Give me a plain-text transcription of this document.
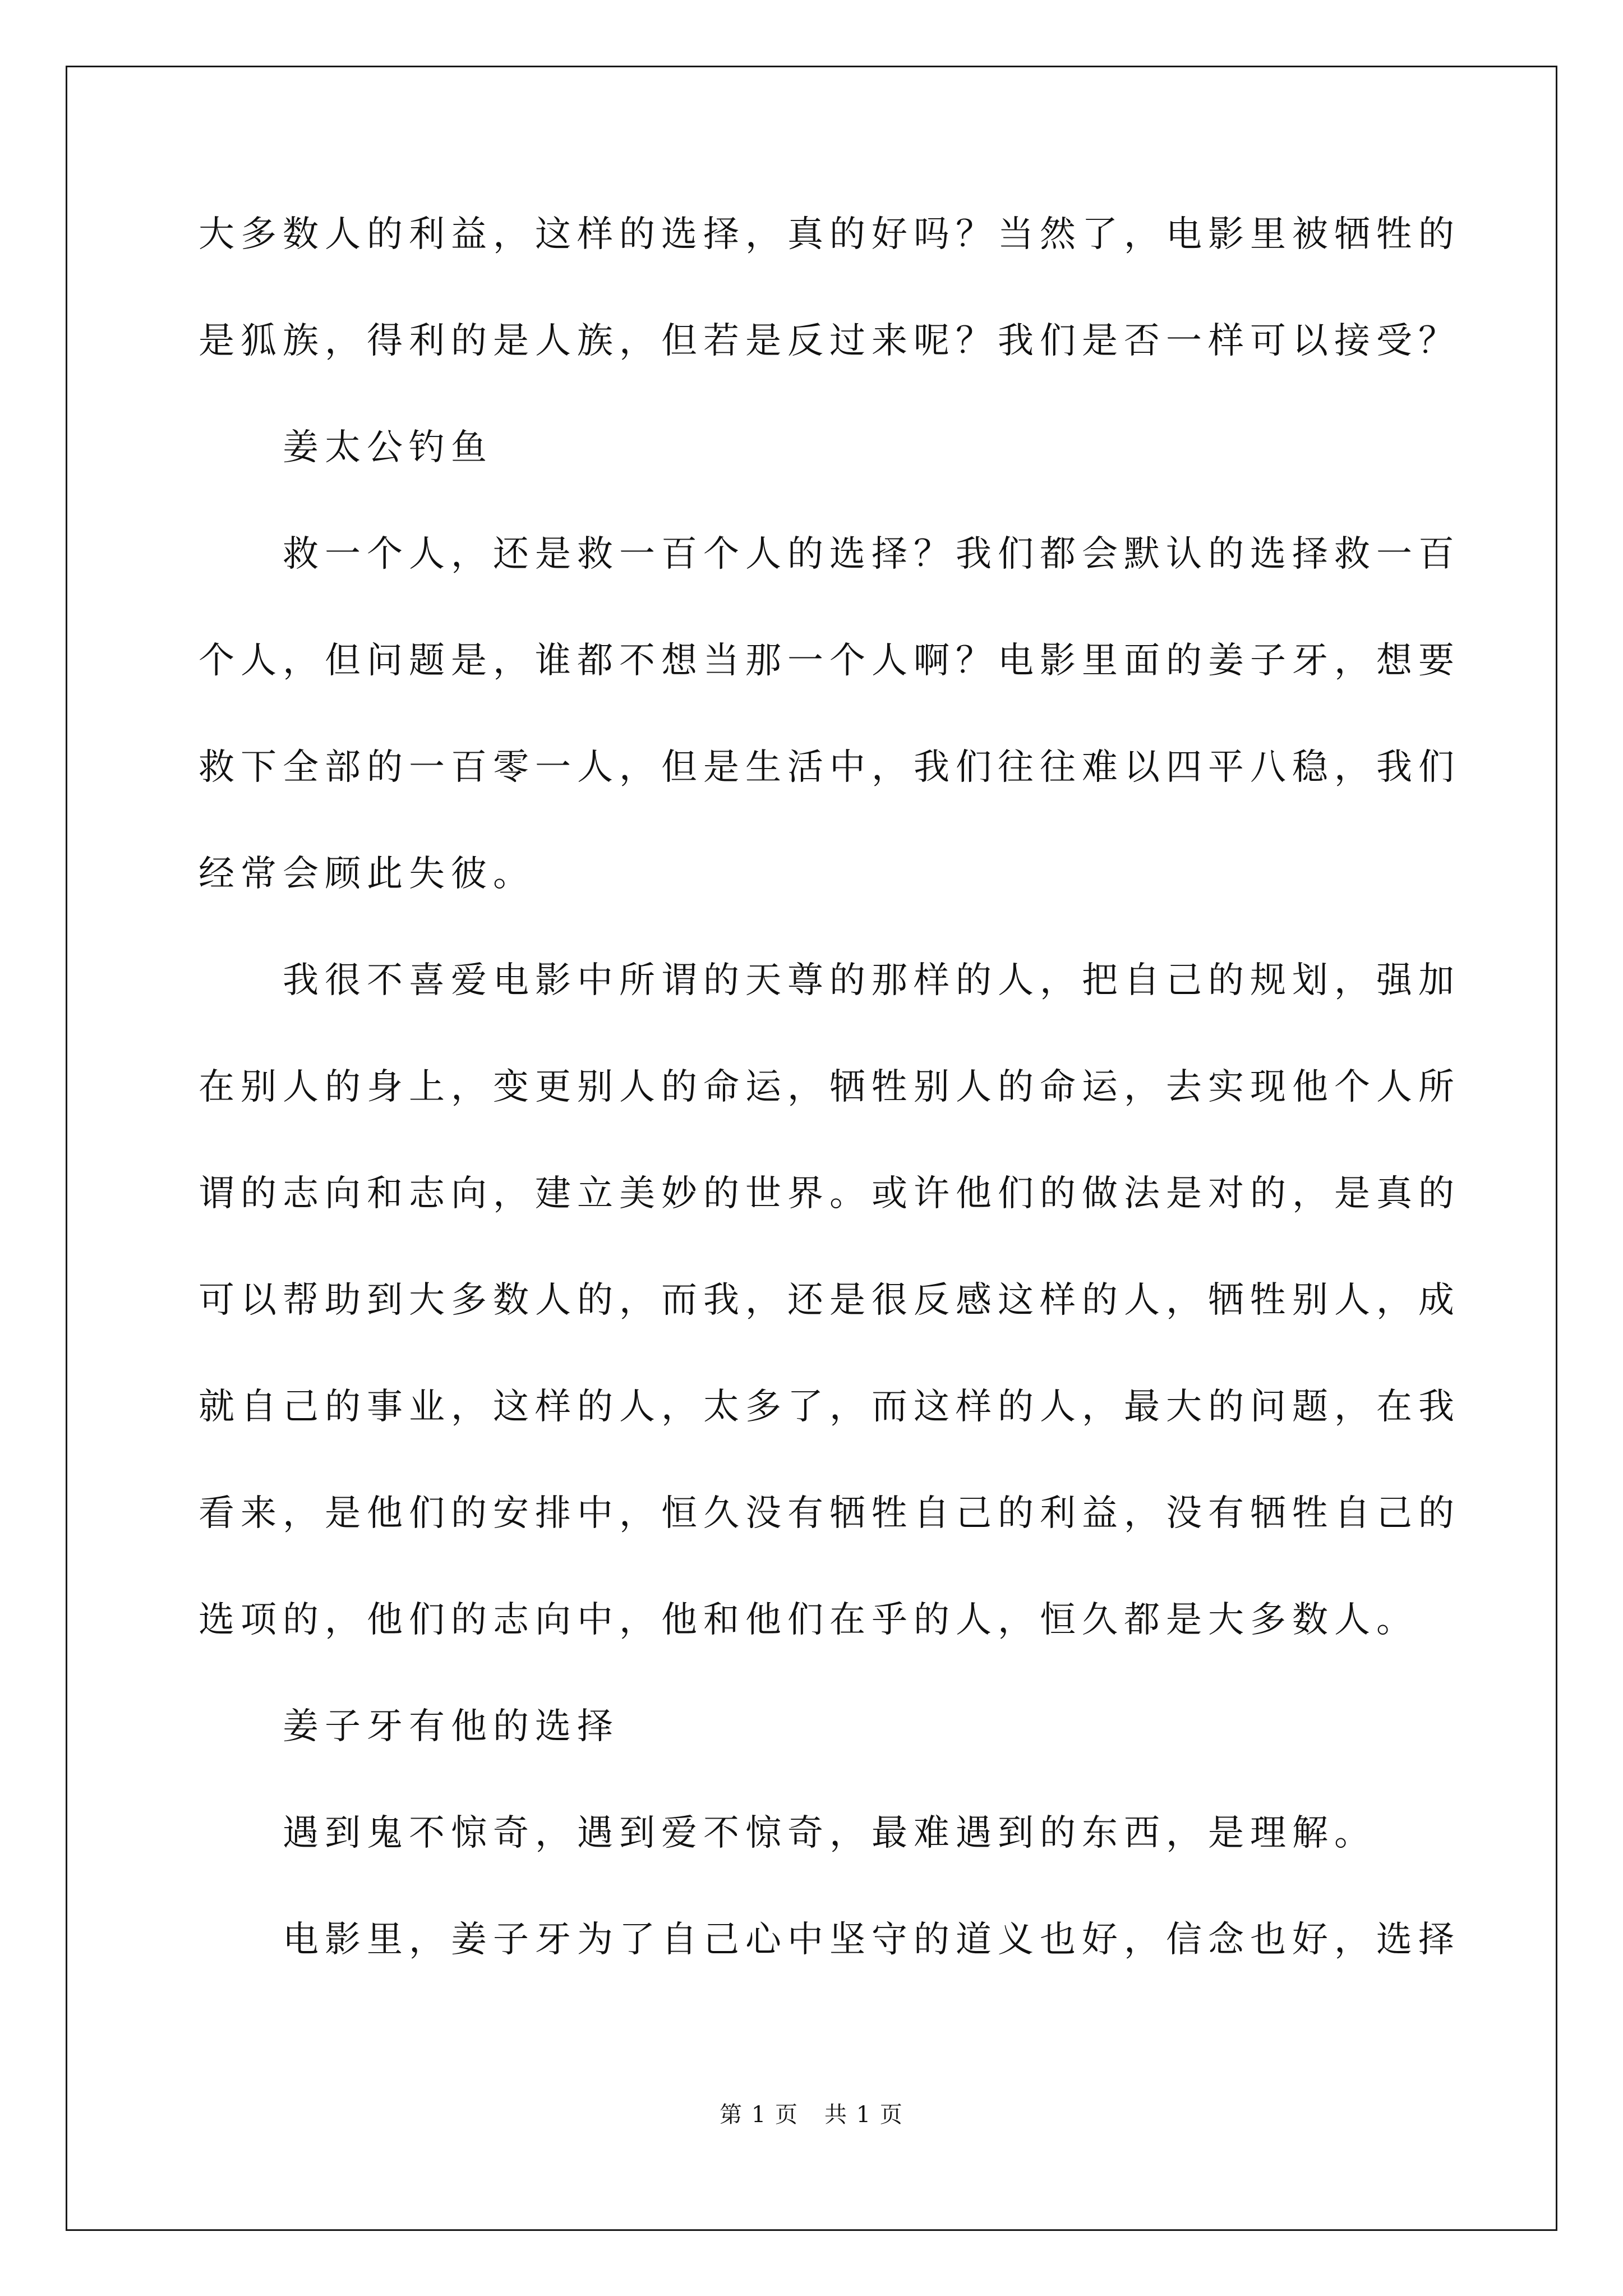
大多数人的利益，这样的选择，真的好吗？当然了，电影里被牺牲的
是狐族，得利的是人族，但若是反过来呢？我们是否一样可以接受？
姜太公钓鱼
救一个人，还是救一百个人的选择？我们都会默认的选择救一百
个人，但问题是，谁都不想当那一个人啊？电影里面的姜子牙，想要
救下全部的一百零一人，但是生活中，我们往往难以四平八稳，我们
经常会顾此失彼。
我很不喜爱电影中所谓的天尊的那样的人，把自己的规划，强加
在别人的身上，变更别人的命运，牺牲别人的命运，去实现他个人所
谓的志向和志向，建立美妙的世界。或许他们的做法是对的，是真的
可以帮助到大多数人的，而我，还是很反感这样的人，牺牲别人，成
就自己的事业，这样的人，太多了，而这样的人，最大的问题，在我
看来，是他们的安排中，恒久没有牺牲自己的利益，没有牺牲自己的
选项的，他们的志向中，他和他们在乎的人，恒久都是大多数人。
姜子牙有他的选择
遇到鬼不惊奇，遇到爱不惊奇，最难遇到的东西，是理解。
电影里，姜子牙为了自己心中坚守的道义也好，信念也好，选择
第 1 页 共 1 页
